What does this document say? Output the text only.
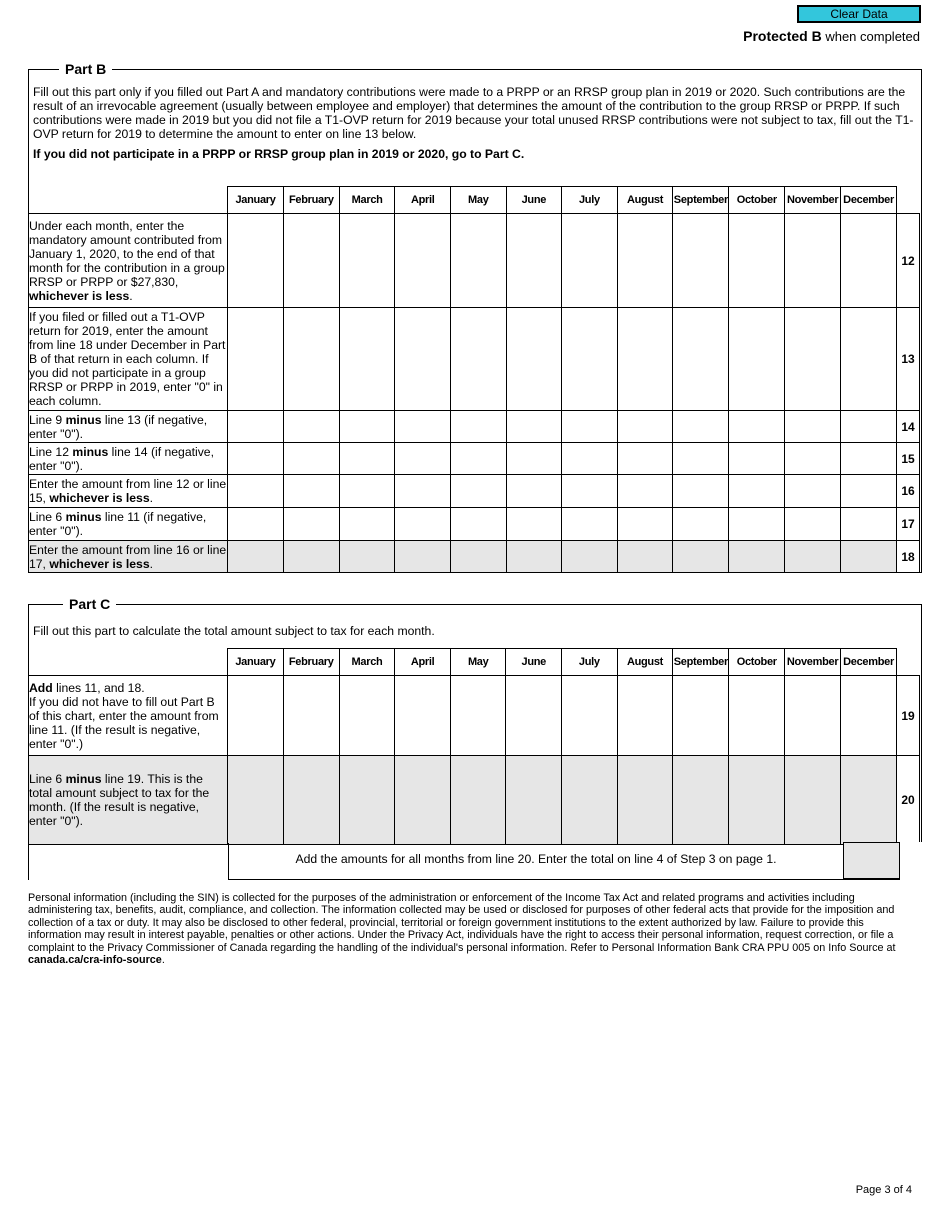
Clear Data
Protected B when completed
Part B

Fill out this part only if you filled out Part A and mandatory contributions were made to a PRPP or an RRSP group plan in 2019 or 2020. Such contributions are the result of an irrevocable agreement (usually between employee and employer) that determines the amount of the contribution to the group RRSP or PRPP. If such contributions were made in 2019 but you did not file a T1-OVP return for 2019 because your total unused RRSP contributions were not subject to tax, fill out the T1-OVP return for 2019 to determine the amount to enter on line 13 below.

If you did not participate in a PRPP or RRSP group plan in 2019 or 2020, go to Part C.

	January	February	March	April	May	June	July	August	September	October	November	December	
Under each month, enter the mandatory amount contributed from January 1, 2020, to the end of that month for the contribution in a group RRSP or PRPP or $27,830, whichever is less.													12
If you filed or filled out a T1-OVP return for 2019, enter the amount from line 18 under December in Part B of that return in each column. If you did not participate in a group RRSP or PRPP in 2019, enter "0" in each column.													13
Line 9 minus line 13 (if negative, enter "0").													14
Line 12 minus line 14 (if negative, enter "0").													15
Enter the amount from line 12 or line 15, whichever is less.													16
Line 6 minus line 11 (if negative, enter "0").													17
Enter the amount from line 16 or line 17, whichever is less.													18
Part C

Fill out this part to calculate the total amount subject to tax for each month.

	January	February	March	April	May	June	July	August	September	October	November	December	
Add lines 11, and 18.
If you did not have to fill out Part B of this chart, enter the amount from line 11. (If the result is negative, enter "0".)													19
Line 6 minus line 19. This is the total amount subject to tax for the month. (If the result is negative, enter "0").													20
Add the amounts for all months from line 20. Enter the total on line 4 of Step 3 on page 1.
Personal information (including the SIN) is collected for the purposes of the administration or enforcement of the Income Tax Act and related programs and activities including administering tax, benefits, audit, compliance, and collection. The information collected may be used or disclosed for purposes of other federal acts that provide for the imposition and collection of a tax or duty. It may also be disclosed to other federal, provincial, territorial or foreign government institutions to the extent authorized by law. Failure to provide this information may result in interest payable, penalties or other actions. Under the Privacy Act, individuals have the right to access their personal information, request correction, or file a complaint to the Privacy Commissioner of Canada regarding the handling of the individual's personal information. Refer to Personal Information Bank CRA PPU 005 on Info Source at canada.ca/cra-info-source.
Page 3 of 4
